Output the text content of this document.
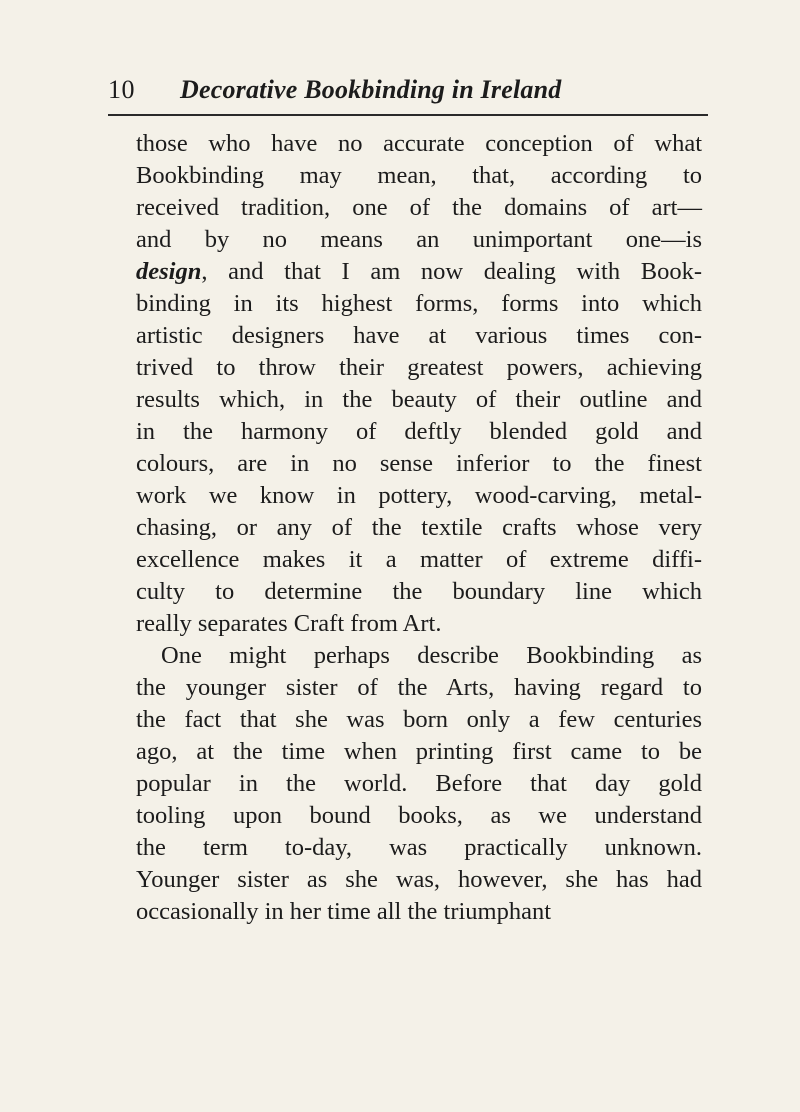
10 Decorative Bookbinding in Ireland
those who have no accurate conception of what
Bookbinding may mean, that, according to
received tradition, one of the domains of art—
and by no means an unimportant one—is
design, and that I am now dealing with Book-
binding in its highest forms, forms into which
artistic designers have at various times con-
trived to throw their greatest powers, achieving
results which, in the beauty of their outline and
in the harmony of deftly blended gold and
colours, are in no sense inferior to the finest
work we know in pottery, wood-carving, metal-
chasing, or any of the textile crafts whose very
excellence makes it a matter of extreme diffi-
culty to determine the boundary line which
really separates Craft from Art.
One might perhaps describe Bookbinding as
the younger sister of the Arts, having regard to
the fact that she was born only a few centuries
ago, at the time when printing first came to be
popular in the world. Before that day gold
tooling upon bound books, as we understand
the term to-day, was practically unknown.
Younger sister as she was, however, she has had
occasionally in her time all the triumphant
